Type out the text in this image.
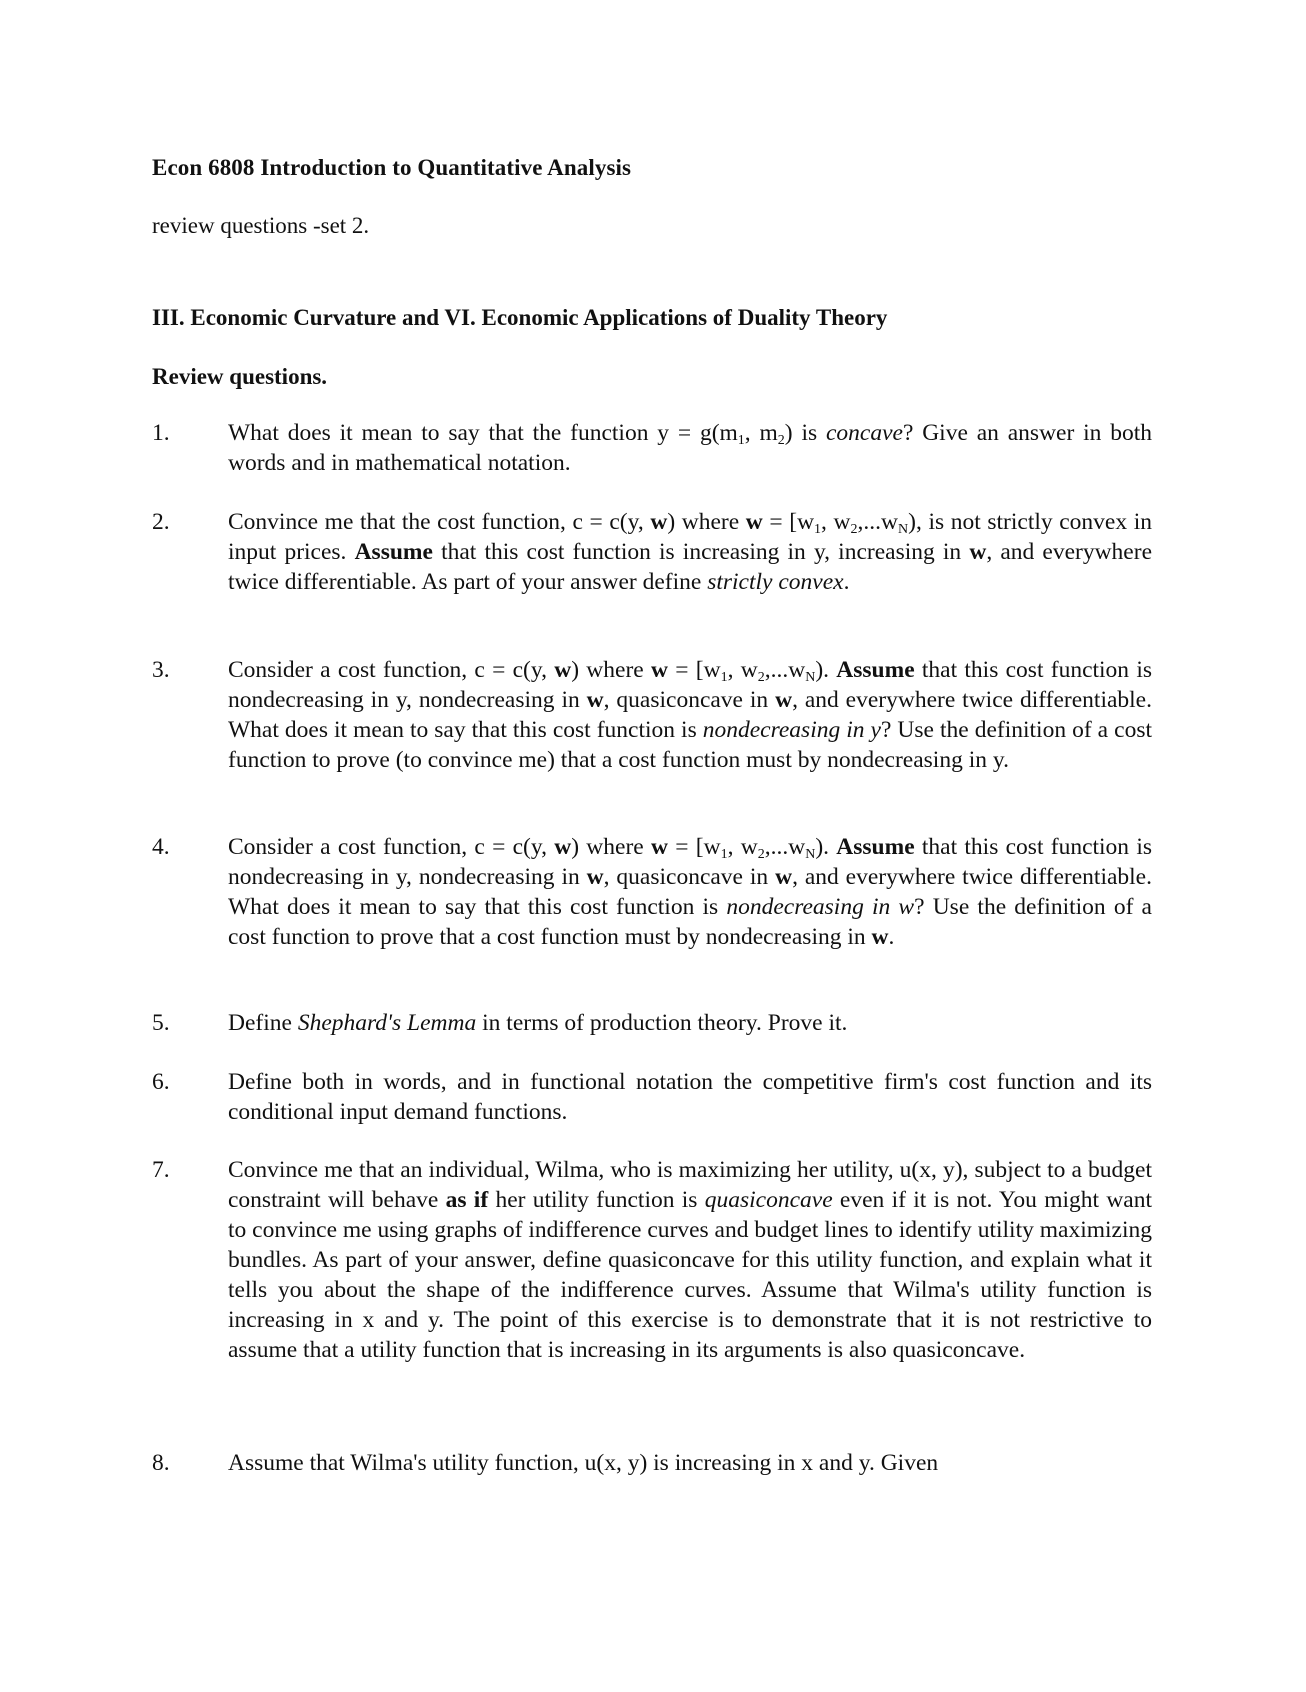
Econ 6808 Introduction to Quantitative Analysis
review questions -set 2.
III. Economic Curvature and VI. Economic Applications of Duality Theory
Review questions.
1.	What does it mean to say that the function $y = g(m_1$, $m_2$) is concave? Give an answer in both words and in mathematical notation.
2.	Convince me that the cost function, c = c(y, w) where $w = [w_1$, $w_2,...w_N$), is not strictly convex in input prices. Assume that this cost function is increasing in y, increasing in w, and everywhere twice differentiable. As part of your answer define strictly convex.
3.	Consider a cost function, c = c(y, w) where $w = [w_1$, $w_2,...w_N$). Assume that this cost function is nondecreasing in y, nondecreasing in w, quasiconcave in w, and everywhere twice differentiable. What does it mean to say that this cost function is nondecreasing in y? Use the definition of a cost function to prove (to convince me) that a cost function must by nondecreasing in y.
4.	Consider a cost function, c = c(y, w) where $w = [w_1$, $w_2,...w_N$). Assume that this cost function is nondecreasing in y, nondecreasing in w, quasiconcave in w, and everywhere twice differentiable. What does it mean to say that this cost function is nondecreasing in w? Use the definition of a cost function to prove that a cost function must by nondecreasing in w.
5.	Define Shephard's Lemma in terms of production theory. Prove it.
6.	Define both in words, and in functional notation the competitive firm's cost function and its conditional input demand functions.
7.	Convince me that an individual, Wilma, who is maximizing her utility, u(x, y), subject to a budget constraint will behave as if her utility function is quasiconcave even if it is not. You might want to convince me using graphs of indifference curves and budget lines to identify utility maximizing bundles. As part of your answer, define quasiconcave for this utility function, and explain what it tells you about the shape of the indifference curves. Assume that Wilma's utility function is increasing in x and y. The point of this exercise is to demonstrate that it is not restrictive to assume that a utility function that is increasing in its arguments is also quasiconcave.
8.	Assume that Wilma's utility function, u(x, y) is increasing in x and y. Given
